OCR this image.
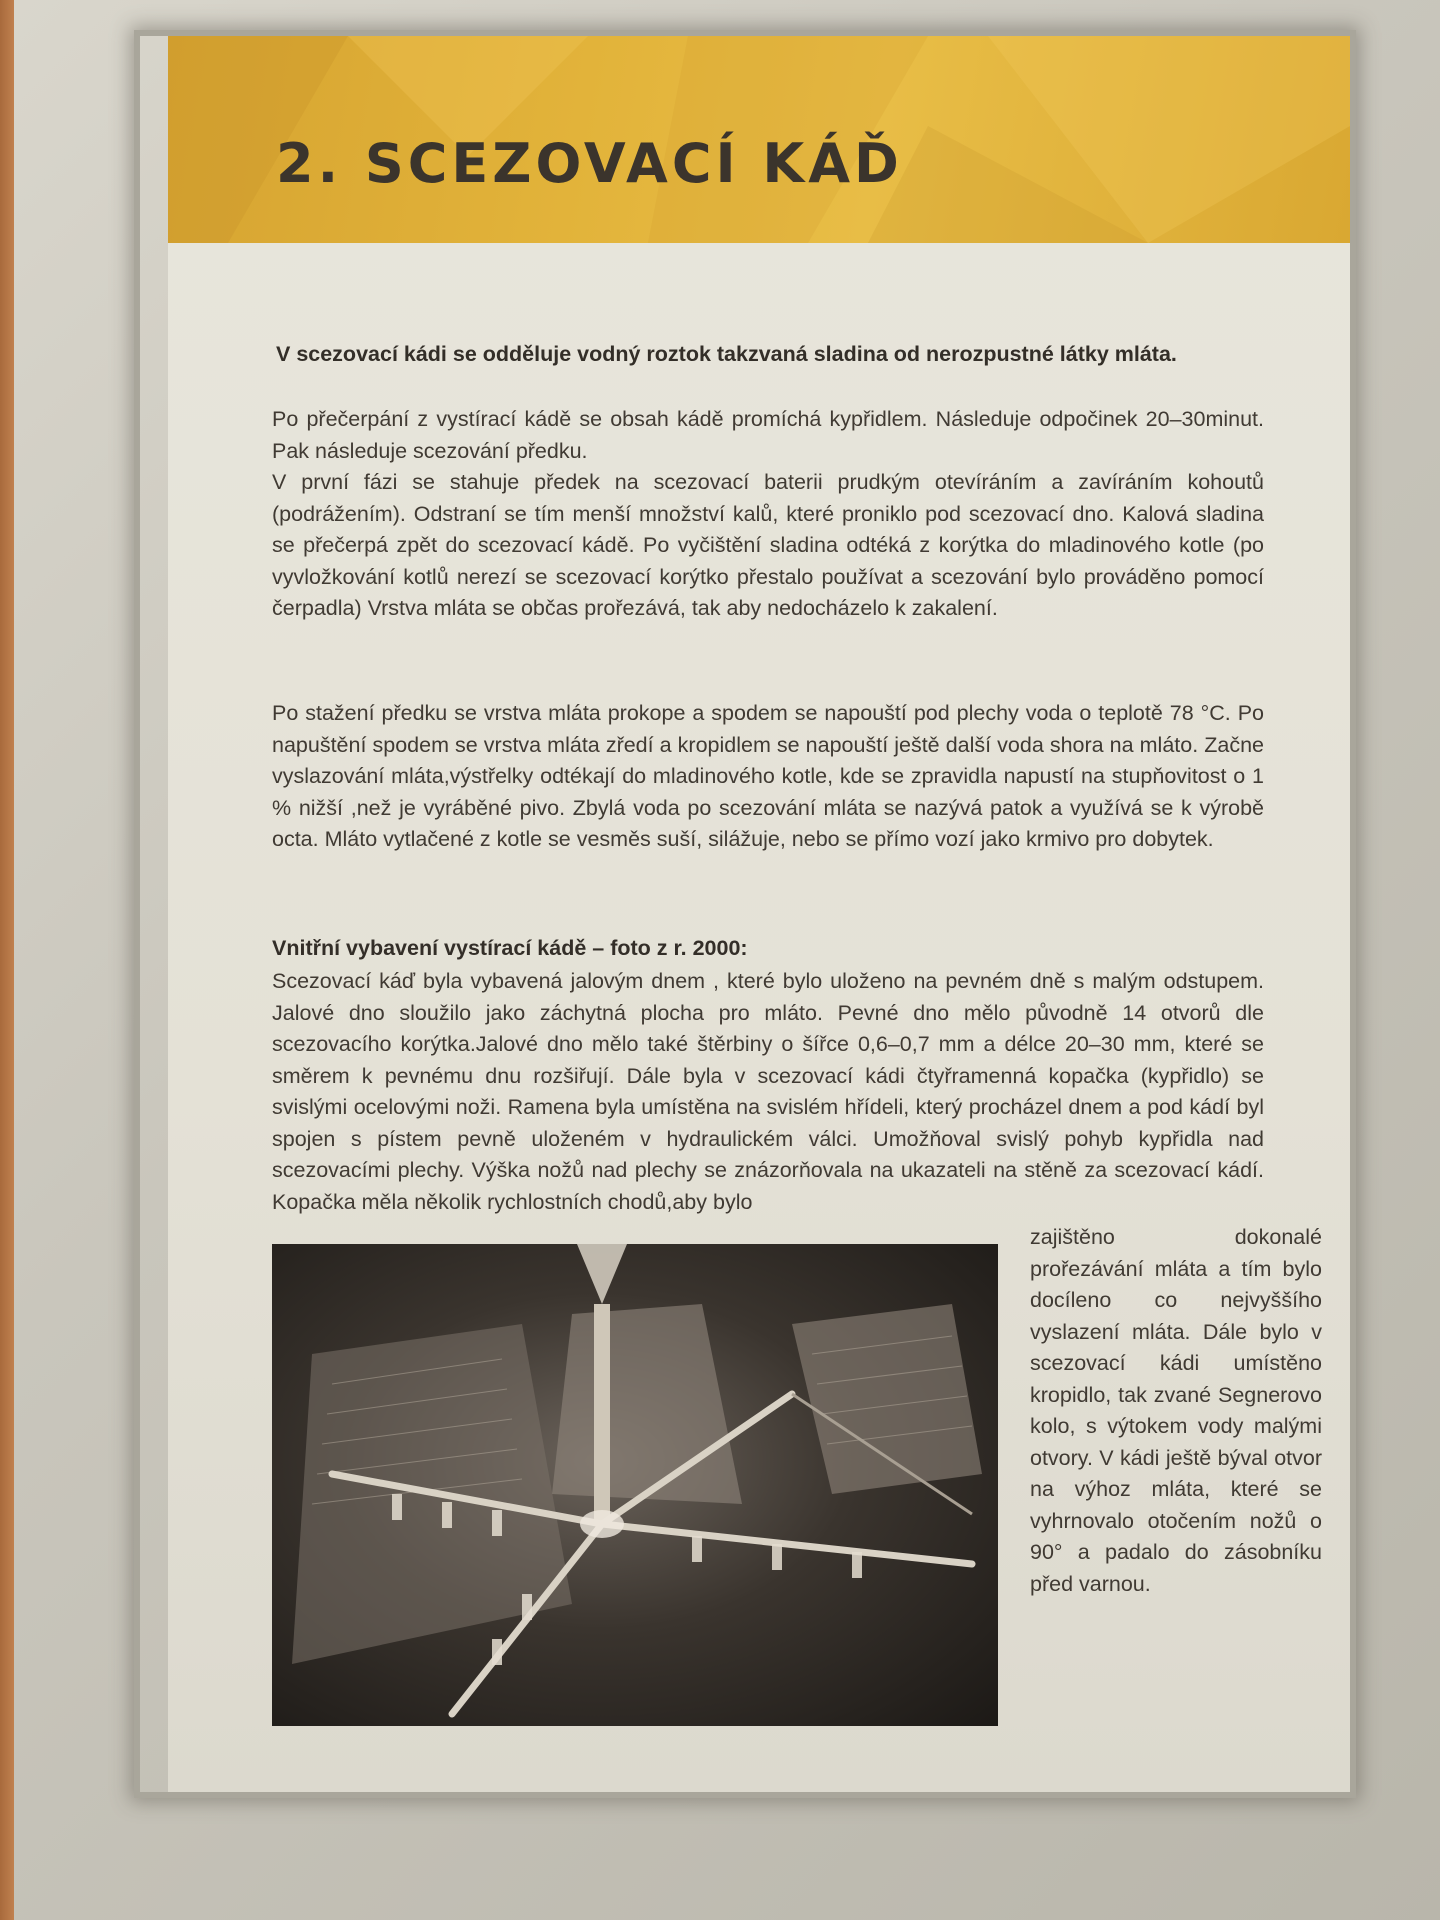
2. SCEZOVACÍ KÁĎ
V scezovací kádi se odděluje vodný roztok takzvaná sladina od nerozpustné látky mláta.

Po přečerpání z vystírací kádě se obsah kádě promíchá kypřidlem. Následuje odpočinek 20–30minut. Pak následuje scezování předku.
V první fázi se stahuje předek na scezovací baterii prudkým otevíráním a zavíráním kohoutů (podrážením). Odstraní se tím menší množství kalů, které proniklo pod scezovací dno. Kalová sladina se přečerpá zpět do scezovací kádě. Po vyčištění sladina odtéká z korýtka do mladinového kotle (po vyvložkování kotlů nerezí se scezovací korýtko přestalo používat a scezování bylo prováděno pomocí čerpadla) Vrstva mláta se občas prořezává, tak aby nedocházelo k zakalení.

Po stažení předku se vrstva mláta prokope a spodem se napouští pod plechy voda o teplotě 78 °C. Po napuštění spodem se vrstva mláta zředí a kropidlem se napouští ještě další voda shora na mláto. Začne vyslazování mláta,výstřelky odtékají do mladinového kotle, kde se zpravidla napustí na stupňovitost o 1 % nižší ,než je vyráběné pivo. Zbylá voda po scezování mláta se nazývá patok a využívá se k výrobě octa. Mláto vytlačené z kotle se vesměs suší, silážuje, nebo se přímo vozí jako krmivo pro dobytek.

Vnitřní vybavení vystírací kádě – foto z r. 2000:

Scezovací káď byla vybavená jalovým dnem , které bylo uloženo na pevném dně s malým odstupem. Jalové dno sloužilo jako záchytná plocha pro mláto. Pevné dno mělo původně 14 otvorů dle scezovacího korýtka.Jalové dno mělo také štěrbiny o šířce 0,6–0,7 mm a délce 20–30 mm, které se směrem k pevnému dnu rozšiřují. Dále byla v scezovací kádi čtyřramenná kopačka (kypřidlo) se svislými ocelovými noži. Ramena byla umístěna na svislém hřídeli, který procházel dnem a pod kádí byl spojen s pístem pevně uloženém v hydraulickém válci. Umožňoval svislý pohyb kypřidla nad scezovacími plechy. Výška nožů nad plechy se znázorňovala na ukazateli na stěně za scezovací kádí. Kopačka měla několik rychlostních chodů,aby bylo

zajištěno dokonalé prořezávání mláta a tím bylo docíleno co nejvyššího vyslazení mláta. Dále bylo v scezovací kádi umístěno kropidlo, tak zvané Segnerovo kolo, s výtokem vody malými otvory. V kádi ještě býval otvor na výhoz mláta, které se vyhrnovalo otočením nožů o 90° a padalo do zásobníku před varnou.
